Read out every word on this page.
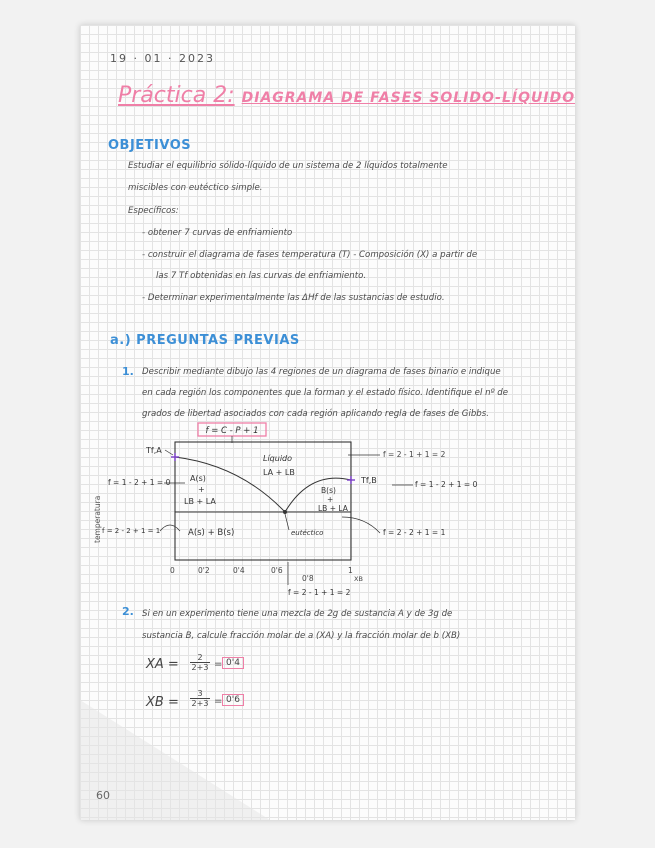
19 · 01 · 2023
Práctica 2: DIAGRAMA DE FASES SOLIDO-LÍQUIDO
OBJETIVOS
Estudiar el equilibrio sólido-líquido de un sistema de 2 líquidos totalmente
miscibles con eutéctico simple.
Específicos:
- obtener 7 curvas de enfriamiento
- construir el diagrama de fases temperatura (T) - Composición (X) a partir de
las 7 Tf obtenidas en las curvas de enfriamiento.
- Determinar experimentalmente las ΔHf de las sustancias de estudio.
a.) PREGUNTAS PREVIAS
1. Describir mediante dibujo las 4 regiones de un diagrama de fases binario e indique
en cada región los componentes que la forman y el estado físico. Identifique el nº de
grados de libertad asociados con cada región aplicando regla de fases de Gibbs.
f = C - P + 1
Líquido
LA + LB
A(s)
+
LB + LA
B(s)
+
LB + LA
A(s) + B(s)	eutéctico
Tf,A
Tf,B
f = 1 - 2 + 1 = 0
f = 2 - 1 + 1 = 2
f = 1 - 2 + 1 = 0
f = 2 - 2 + 1 = 1	f = 2 - 2 + 1 = 1
temperatura
0	0'2	0'4	0'6
0'8
1
XB
f = 2 - 1 + 1 = 2
2. Si en un experimento tiene una mezcla de 2g de sustancia A y de 3g de
sustancia B, calcule fracción molar de a (XA) y la fracción molar de b (XB)
XA = $\frac{2}{2+3} = 0'4$
XB = $\frac{3}{2+3} = 0'6$
60
